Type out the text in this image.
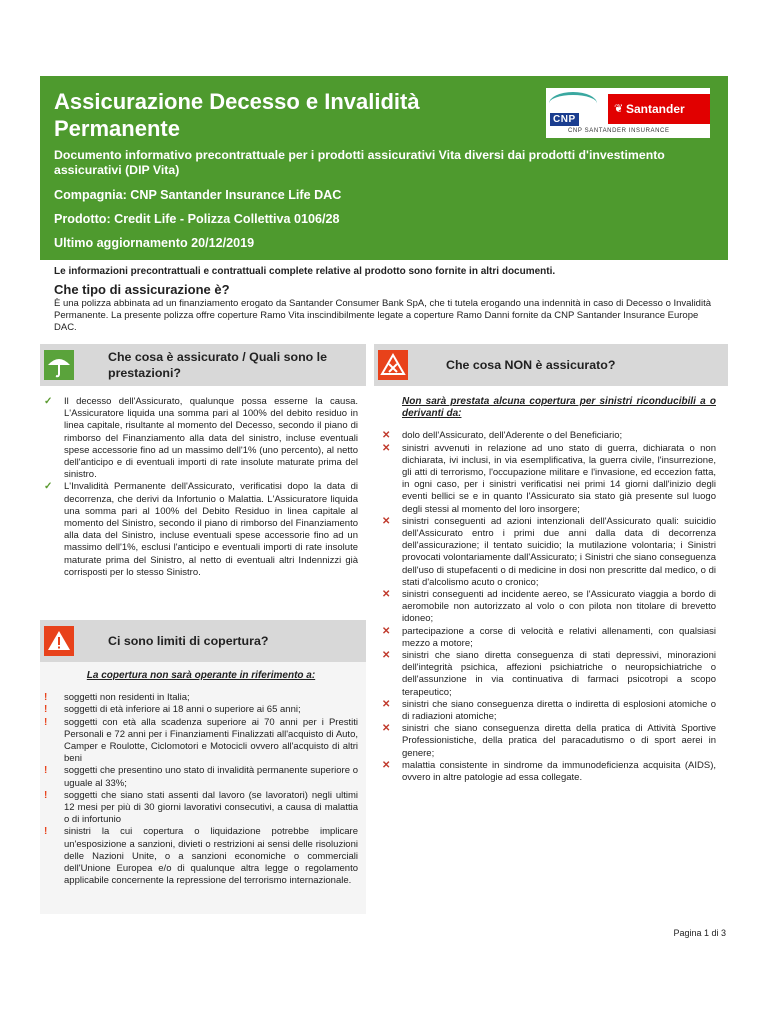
Assicurazione Decesso e Invalidità Permanente	CNP
❦ Santander
CNP SANTANDER INSURANCE
Documento informativo precontrattuale per i prodotti assicurativi Vita diversi dai prodotti d'investimento assicurativi (DIP Vita)
Compagnia: CNP Santander Insurance Life DAC
Prodotto: Credit Life - Polizza Collettiva 0106/28
Ultimo aggiornamento 20/12/2019
Le informazioni precontrattuali e contrattuali complete relative al prodotto sono fornite in altri documenti.
Che tipo di assicurazione è?
È una polizza abbinata ad un finanziamento erogato da Santander Consumer Bank SpA, che ti tutela erogando una indennità in caso di Decesso o Invalidità Permanente. La presente polizza offre coperture Ramo Vita inscindibilmente legate a coperture Ramo Danni fornite da CNP Santander Insurance Europe DAC.
Che cosa è assicurato / Quali sono le prestazioni?
✓ Il decesso dell'Assicurato, qualunque possa esserne la causa. L'Assicuratore liquida una somma pari al 100% del debito residuo in linea capitale, risultante al momento del Decesso, secondo il piano di rimborso del Finanziamento alla data del sinistro, incluse eventuali spese accessorie fino ad un massimo dell'1% (uno percento), al netto dell'anticipo e di eventuali importi di rate insolute maturate prima del sinistro.
✓ L'Invalidità Permanente dell'Assicurato, verificatisi dopo la data di decorrenza, che derivi da Infortunio o Malattia. L'Assicuratore liquida una somma pari al 100% del Debito Residuo in linea capitale al momento del Sinistro, secondo il piano di rimborso del Finanziamento alla data del Sinistro, incluse eventuali spese accessorie fino ad un massimo dell'1%, esclusi l'anticipo e eventuali importi di rate insolute maturate prima del Sinistro, al netto di eventuali altri Indennizzi già corrisposti per lo stesso Sinistro.
Ci sono limiti di copertura?
La copertura non sarà operante in riferimento a:
! soggetti non residenti in Italia;
! soggetti di età inferiore ai 18 anni o superiore ai 65 anni;
! soggetti con età alla scadenza superiore ai 70 anni per i Prestiti Personali e 72 anni per i Finanziamenti Finalizzati all'acquisto di Auto, Camper e Roulotte, Ciclomotori e Motocicli ovvero all'acquisto di altri beni
! soggetti che presentino uno stato di invalidità permanente superiore o uguale al 33%;
! soggetti che siano stati assenti dal lavoro (se lavoratori) negli ultimi 12 mesi per più di 30 giorni lavorativi consecutivi, a causa di malattia o di infortunio
! sinistri la cui copertura o liquidazione potrebbe implicare un'esposizione a sanzioni, divieti o restrizioni ai sensi delle risoluzioni delle Nazioni Unite, o a sanzioni economiche o commerciali dell'Unione Europea e/o di qualunque altra legge o regolamento applicabile concernente la repressione del terrorismo internazionale.
Che cosa NON è assicurato?
Non sarà prestata alcuna copertura per sinistri riconducibili a o derivanti da:
✕ dolo dell'Assicurato, dell'Aderente o del Beneficiario;
✕ sinistri avvenuti in relazione ad uno stato di guerra, dichiarata o non dichiarata, ivi inclusi, in via esemplificativa, la guerra civile, l'insurrezione, gli atti di terrorismo, l'occupazione militare e l'invasione, ed eccezion fatta, in ogni caso, per i sinistri verificatisi nei primi 14 giorni dall'inizio degli eventi bellici se e in quanto l'Assicurato sia stato già presente sul luogo degli stessi al momento del loro insorgere;
✕ sinistri conseguenti ad azioni intenzionali dell'Assicurato quali: suicidio dell'Assicurato entro i primi due anni dalla data di decorrenza dell'assicurazione; il tentato suicidio; la mutilazione volontaria; i Sinistri provocati volontariamente dall'Assicurato; i Sinistri che siano conseguenza dell'uso di stupefacenti o di medicine in dosi non prescritte dal medico, o di stati d'alcolismo acuto o cronico;
✕ sinistri conseguenti ad incidente aereo, se l'Assicurato viaggia a bordo di aeromobile non autorizzato al volo o con pilota non titolare di brevetto idoneo;
✕ partecipazione a corse di velocità e relativi allenamenti, con qualsiasi mezzo a motore;
✕ sinistri che siano diretta conseguenza di stati depressivi, minorazioni dell'integrità psichica, affezioni psichiatriche o neuropsichiatriche o dell'assunzione in via continuativa di farmaci psicotropi a scopo terapeutico;
✕ sinistri che siano conseguenza diretta o indiretta di esplosioni atomiche o di radiazioni atomiche;
✕ sinistri che siano conseguenza diretta della pratica di Attività Sportive Professionistiche, della pratica del paracadutismo o di sport aerei in genere;
✕ malattia consistente in sindrome da immunodeficienza acquisita (AIDS), ovvero in altre patologie ad essa collegate.
Pagina 1 di 3
